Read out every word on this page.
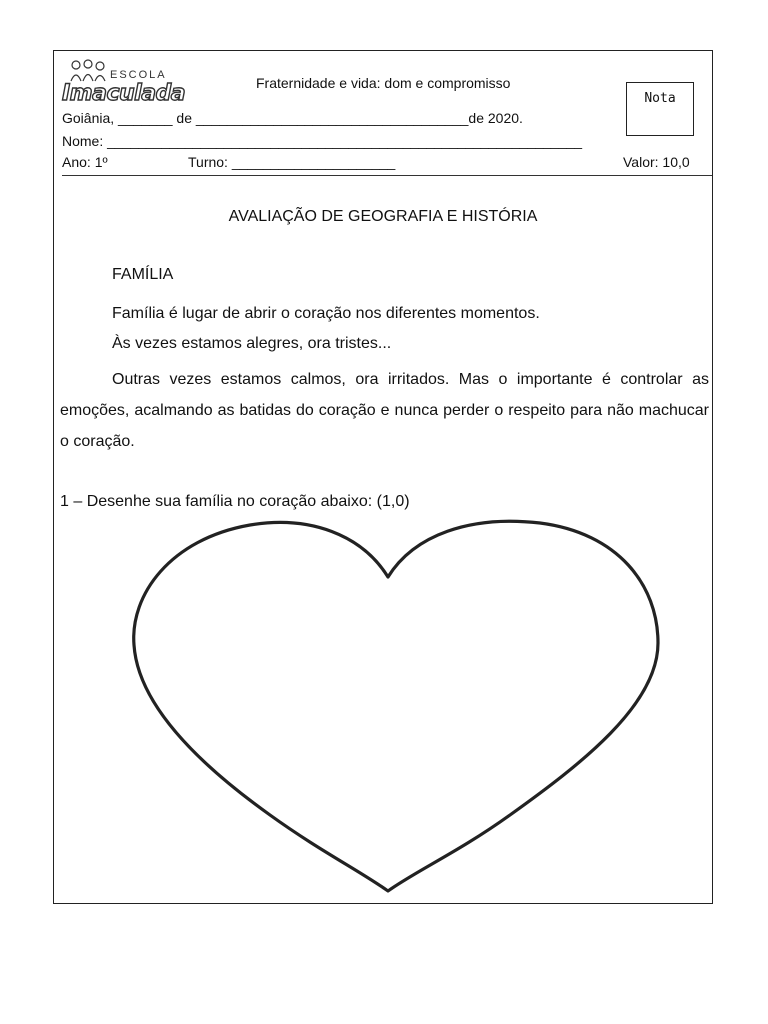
ESCOLA
Imaculada	Fraternidade e vida: dom e compromisso
Nota
Goiânia, _______ de ___________________________________de 2020.
Nome: _____________________________________________________________
Ano: 1º	Turno: _____________________	Valor: 10,0
AVALIAÇÃO DE GEOGRAFIA E HISTÓRIA
FAMÍLIA
Família é lugar de abrir o coração nos diferentes momentos.
Às vezes estamos alegres, ora tristes...
Outras vezes estamos calmos, ora irritados. Mas o importante é controlar as emoções, acalmando as batidas do coração e nunca perder o respeito para não machucar o coração.
1 – Desenhe sua família no coração abaixo: (1,0)
